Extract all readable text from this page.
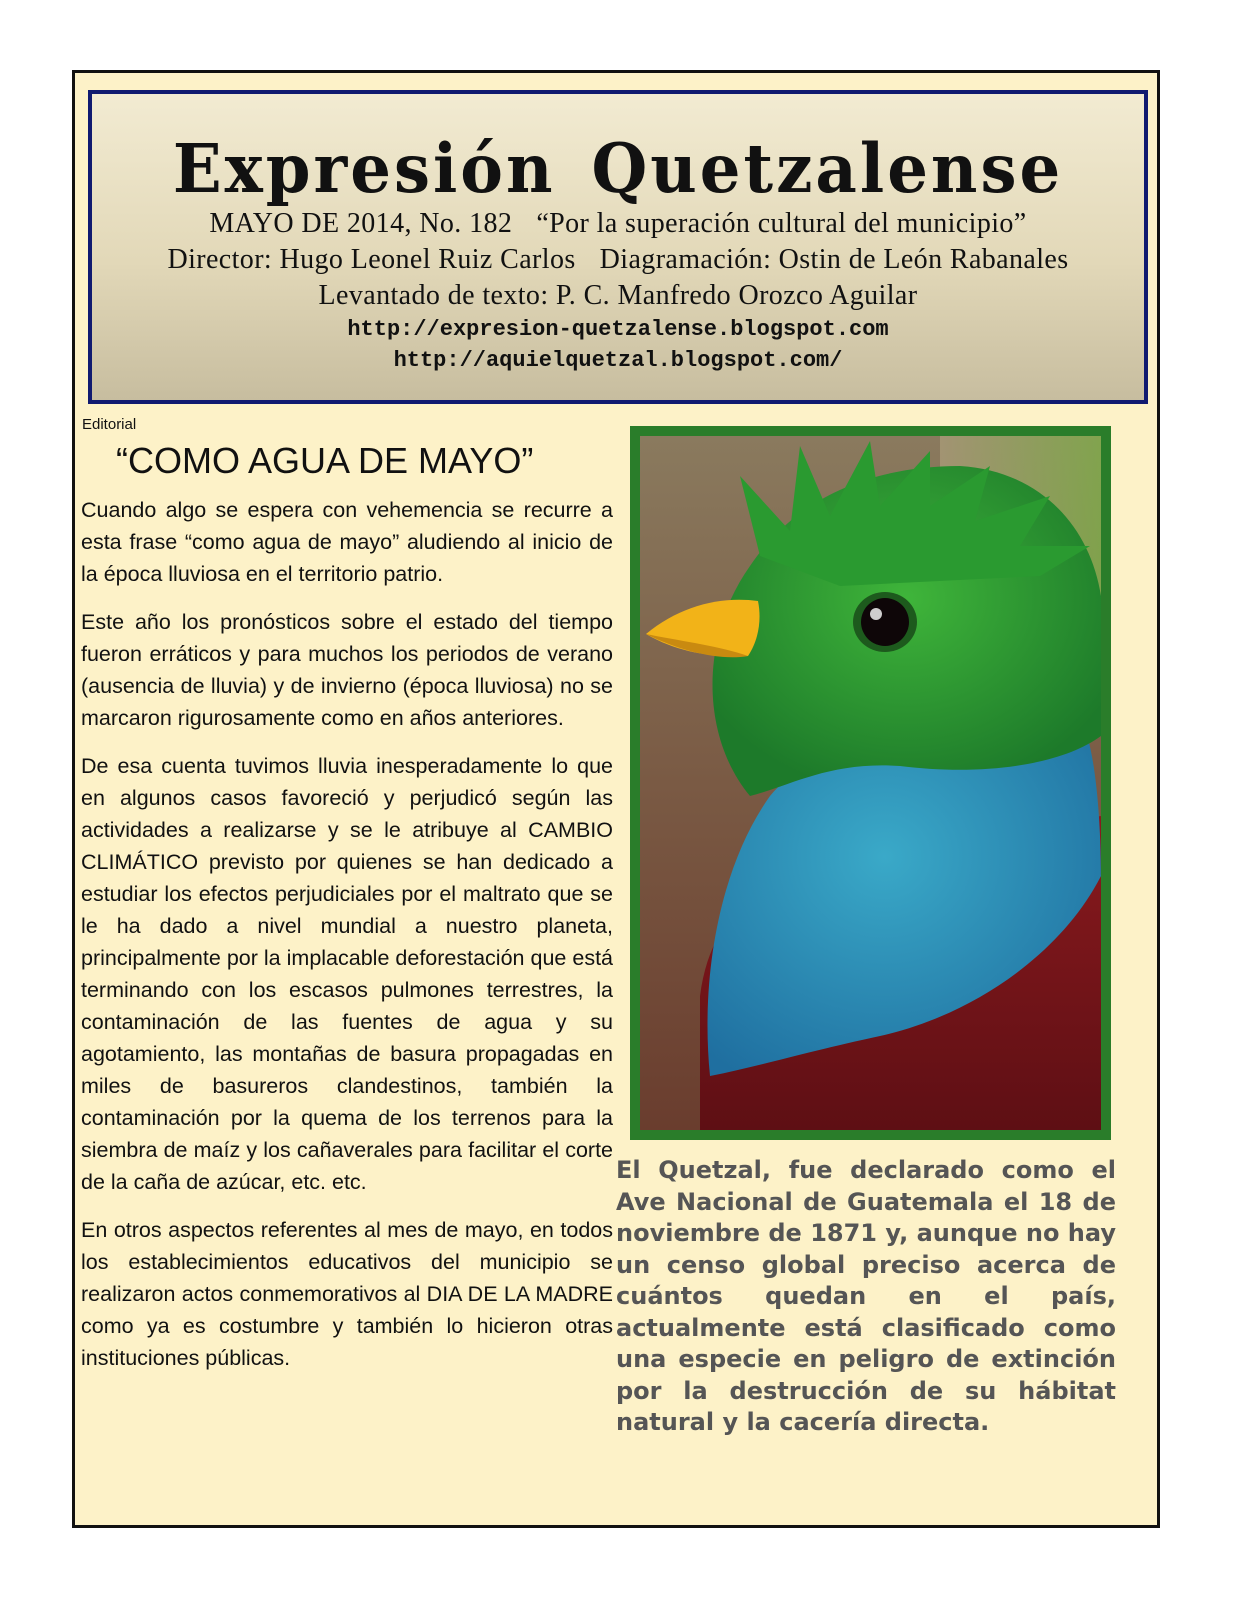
Expresión Quetzalense
MAYO DE 2014, No. 182 “Por la superación cultural del municipio”
Director: Hugo Leonel Ruiz Carlos Diagramación: Ostin de León Rabanales
Levantado de texto: P. C. Manfredo Orozco Aguilar
http://expresion-quetzalense.blogspot.com
http://aquielquetzal.blogspot.com/
Editorial
“COMO AGUA DE MAYO”

Cuando algo se espera con vehemencia se recurre a esta frase “como agua de mayo” aludiendo al inicio de la época lluviosa en el territorio patrio.

Este año los pronósticos sobre el estado del tiempo fueron erráticos y para muchos los periodos de verano (ausencia de lluvia) y de invierno (época lluviosa) no se marcaron rigurosamente como en años anteriores.

De esa cuenta tuvimos lluvia inesperadamente lo que en algunos casos favoreció y perjudicó según las actividades a realizarse y se le atribuye al CAMBIO CLIMÁTICO previsto por quienes se han dedicado a estudiar los efectos perjudiciales por el maltrato que se le ha dado a nivel mundial a nuestro planeta, principalmente por la implacable deforestación que está terminando con los escasos pulmones terrestres, la contaminación de las fuentes de agua y su agotamiento, las montañas de basura propagadas en miles de basureros clandestinos, también la contaminación por la quema de los terrenos para la siembra de maíz y los cañaverales para facilitar el corte de la caña de azúcar, etc. etc.

En otros aspectos referentes al mes de mayo, en todos los establecimientos educativos del municipio se realizaron actos conmemorativos al DIA DE LA MADRE como ya es costumbre y también lo hicieron otras instituciones públicas.

El Quetzal, fue declarado como el Ave Nacional de Guatemala el 18 de noviembre de 1871 y, aunque no hay un censo global preciso acerca de cuántos quedan en el país, actualmente está clasificado como una especie en peligro de extinción por la destrucción de su hábitat natural y la cacería directa.
